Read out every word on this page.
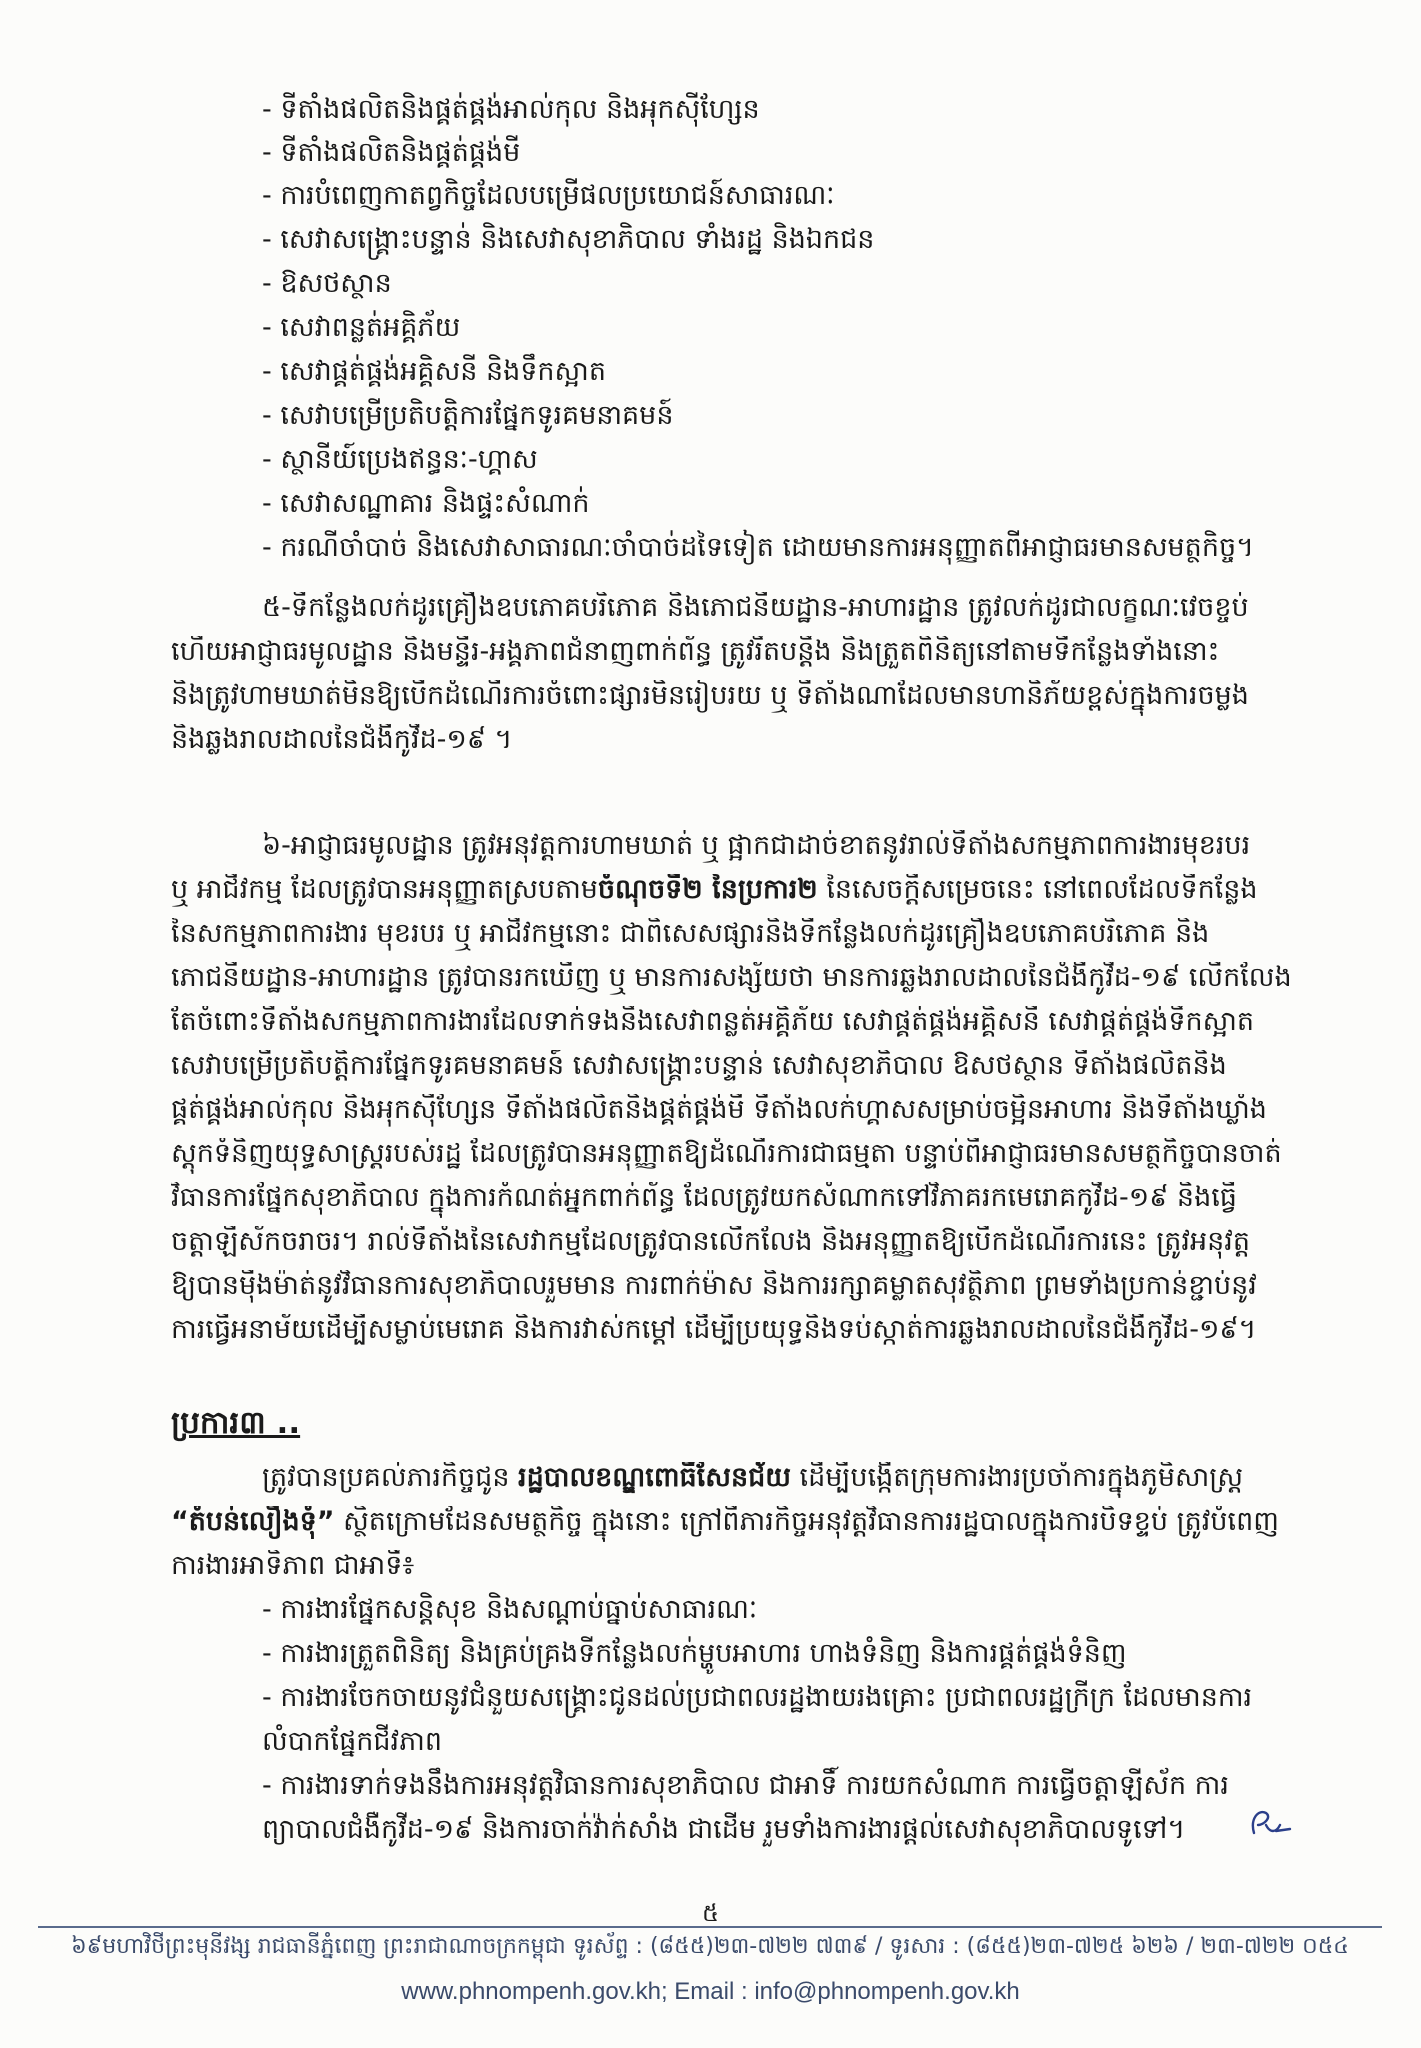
- ទីតាំងផលិតនិងផ្គត់ផ្គង់អាល់កុល និងអុកស៊ីហ្សែន

- ទីតាំងផលិតនិងផ្គត់ផ្គង់មី

- ការបំពេញកាតព្វកិច្ចដែលបម្រើផលប្រយោជន៍សាធារណៈ

- សេវាសង្គ្រោះបន្ទាន់ និងសេវាសុខាភិបាល ទាំងរដ្ឋ និងឯកជន

- ឱសថស្ថាន

- សេវាពន្លត់អគ្គិភ័យ

- សេវាផ្គត់ផ្គង់អគ្គិសនី និងទឹកស្អាត

- សេវាបម្រើប្រតិបត្តិការផ្នែកទូរគមនាគមន៍

- ស្ថានីយ៍ប្រេងឥន្ធនៈ-ហ្គាស

- សេវាសណ្ឋាគារ និងផ្ទះសំណាក់

- ករណីចាំបាច់ និងសេវាសាធារណៈចាំបាច់ដទៃទៀត ដោយមានការអនុញ្ញាតពីអាជ្ញាធរមានសមត្ថកិច្ច។

៥-ទីកន្លែងលក់ដូរគ្រឿងឧបភោគបរិភោគ និងភោជនីយដ្ឋាន-អាហារដ្ឋាន ត្រូវលក់ដូរជាលក្ខណៈវេចខ្ចប់
ហើយអាជ្ញាធរមូលដ្ឋាន និងមន្ទីរ-អង្គភាពជំនាញពាក់ព័ន្ធ ត្រូវរឹតបន្តឹង និងត្រួតពិនិត្យនៅតាមទីកន្លែងទាំងនោះ
និងត្រូវហាមឃាត់មិនឱ្យបើកដំណើរការចំពោះផ្សារមិនរៀបរយ ឬ ទីតាំងណាដែលមានហានិភ័យខ្ពស់ក្នុងការចម្លង
និងឆ្លងរាលដាលនៃជំងឺកូវីដ-១៩ ។
៦-អាជ្ញាធរមូលដ្ឋាន ត្រូវអនុវត្តការហាមឃាត់ ឬ ផ្អាកជាដាច់ខាតនូវរាល់ទីតាំងសកម្មភាពការងារមុខរបរ
ឬ អាជីវកម្ម ដែលត្រូវបានអនុញ្ញាតស្របតាមចំណុចទី២ នៃប្រការ២ នៃសេចក្តីសម្រេចនេះ នៅពេលដែលទីកន្លែង
នៃសកម្មភាពការងារ មុខរបរ ឬ អាជីវកម្មនោះ ជាពិសេសផ្សារនិងទីកន្លែងលក់ដូរគ្រឿងឧបភោគបរិភោគ និង
ភោជនីយដ្ឋាន-អាហារដ្ឋាន ត្រូវបានរកឃើញ ឬ មានការសង្ស័យថា មានការឆ្លងរាលដាលនៃជំងឺកូវីដ-១៩ លើកលែង
តែចំពោះទីតាំងសកម្មភាពការងារដែលទាក់ទងនឹងសេវាពន្លត់អគ្គិភ័យ សេវាផ្គត់ផ្គង់អគ្គិសនី សេវាផ្គត់ផ្គង់ទឹកស្អាត
សេវាបម្រើប្រតិបត្តិការផ្នែកទូរគមនាគមន៍ សេវាសង្គ្រោះបន្ទាន់ សេវាសុខាភិបាល ឱសថស្ថាន ទីតាំងផលិតនិង
ផ្គត់ផ្គង់អាល់កុល និងអុកស៊ីហ្សែន ទីតាំងផលិតនិងផ្គត់ផ្គង់មី ទីតាំងលក់ហ្គាសសម្រាប់ចម្អិនអាហារ និងទីតាំងឃ្លាំង
ស្តុកទំនិញយុទ្ធសាស្ត្ររបស់រដ្ឋ ដែលត្រូវបានអនុញ្ញាតឱ្យដំណើរការជាធម្មតា បន្ទាប់ពីអាជ្ញាធរមានសមត្ថកិច្ចបានចាត់
វិធានការផ្នែកសុខាភិបាល ក្នុងការកំណត់អ្នកពាក់ព័ន្ធ ដែលត្រូវយកសំណាកទៅវិភាគរកមេរោគកូវីដ-១៩ និងធ្វើ
ចត្តាឡីស័កចរាចរ។ រាល់ទីតាំងនៃសេវាកម្មដែលត្រូវបានលើកលែង និងអនុញ្ញាតឱ្យបើកដំណើរការនេះ ត្រូវអនុវត្ត
ឱ្យបានម៉ឺងម៉ាត់នូវវិធានការសុខាភិបាលរួមមាន ការពាក់ម៉ាស និងការរក្សាគម្លាតសុវត្ថិភាព ព្រមទាំងប្រកាន់ខ្ជាប់នូវ
ការធ្វើអនាម័យដើម្បីសម្លាប់មេរោគ និងការវាស់កម្តៅ ដើម្បីប្រយុទ្ធនិងទប់ស្កាត់ការឆ្លងរាលដាលនៃជំងឺកូវីដ-១៩។

ប្រការ៣ ..

ត្រូវបានប្រគល់ភារកិច្ចជូន រដ្ឋបាលខណ្ឌពោធិ៍សែនជ័យ ដើម្បីបង្កើតក្រុមការងារប្រចាំការក្នុងភូមិសាស្ត្រ
“តំបន់លឿងទុំ” ស្ថិតក្រោមដែនសមត្ថកិច្ច ក្នុងនោះ ក្រៅពីភារកិច្ចអនុវត្តវិធានការរដ្ឋបាលក្នុងការបិទខ្ទប់ ត្រូវបំពេញ
ការងារអាទិភាព ជាអាទិ៍៖

- ការងារផ្នែកសន្តិសុខ និងសណ្តាប់ធ្នាប់សាធារណៈ

- ការងារត្រួតពិនិត្យ និងគ្រប់គ្រងទីកន្លែងលក់ម្ហូបអាហារ ហាងទំនិញ និងការផ្គត់ផ្គង់ទំនិញ

- ការងារចែកចាយនូវជំនួយសង្គ្រោះជូនដល់ប្រជាពលរដ្ឋងាយរងគ្រោះ ប្រជាពលរដ្ឋក្រីក្រ ដែលមានការ

លំបាកផ្នែកជីវភាព

- ការងារទាក់ទងនឹងការអនុវត្តវិធានការសុខាភិបាល ជាអាទិ៍ ការយកសំណាក ការធ្វើចត្តាឡីស័ក ការ

ព្យាបាលជំងឺកូវីដ-១៩ និងការចាក់វ៉ាក់សាំង ជាដើម រួមទាំងការងារផ្តល់សេវាសុខាភិបាលទូទៅ។

៥

៦៩មហាវិថីព្រះមុនីវង្ស រាជធានីភ្នំពេញ ព្រះរាជាណាចក្រកម្ពុជា ទូរស័ព្ទ : (៨៥៥)២៣-៧២២ ៧៣៩ / ទូរសារ : (៨៥៥)២៣-៧២៥ ៦២៦ / ២៣-៧២២ ០៥៤

www.phnompenh.gov.kh; Email : info@phnompenh.gov.kh
